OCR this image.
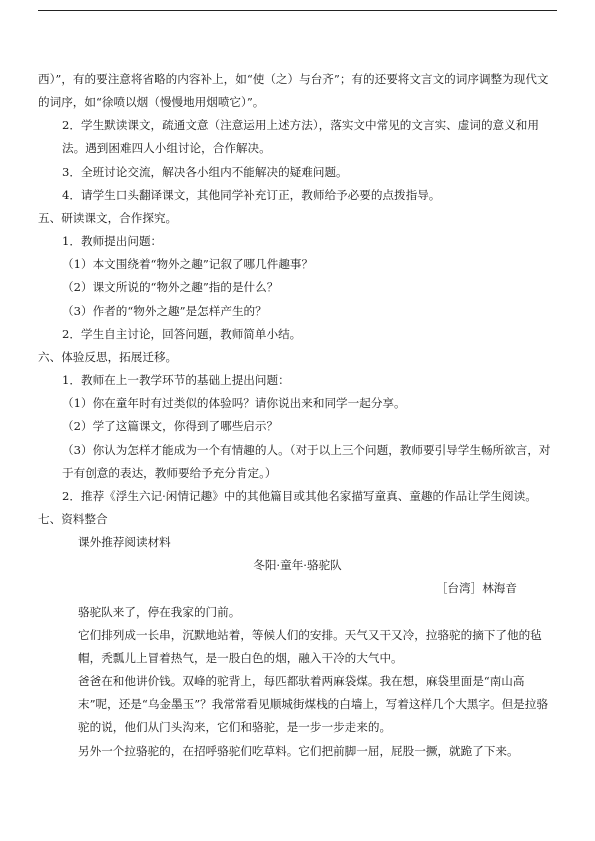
西）”，有的要注意将省略的内容补上，如“使（之）与台齐”；有的还要将文言文的词序调整为现代文的词序，如“徐喷以烟（慢慢地用烟喷它）”。

2．学生默读课文，疏通文意（注意运用上述方法），落实文中常见的文言实、虚词的意义和用法。遇到困难四人小组讨论，合作解决。

3．全班讨论交流，解决各小组内不能解决的疑难问题。

4．请学生口头翻译课文，其他同学补充订正，教师给予必要的点拨指导。

五、研读课文，合作探究。

1．教师提出问题：

（1）本文围绕着“物外之趣”记叙了哪几件趣事？

（2）课文所说的“物外之趣”指的是什么？

（3）作者的“物外之趣”是怎样产生的？

2．学生自主讨论，回答问题，教师简单小结。

六、体验反思，拓展迁移。

1．教师在上一教学环节的基础上提出问题：

（1）你在童年时有过类似的体验吗？请你说出来和同学一起分享。

（2）学了这篇课文，你得到了哪些启示？

（3）你认为怎样才能成为一个有情趣的人。（对于以上三个问题，教师要引导学生畅所欲言，对于有创意的表达，教师要给予充分肯定。）

2．推荐《浮生六记·闲情记趣》中的其他篇目或其他名家描写童真、童趣的作品让学生阅读。

七、资料整合

课外推荐阅读材料

冬阳·童年·骆驼队

［台湾］林海音

骆驼队来了，停在我家的门前。

它们排列成一长串，沉默地站着，等候人们的安排。天气又干又冷，拉骆驼的摘下了他的毡帽，秃瓢儿上冒着热气，是一股白色的烟，融入干冷的大气中。

爸爸在和他讲价钱。双峰的驼背上，每匹都驮着两麻袋煤。我在想，麻袋里面是“南山高末”呢，还是“乌金墨玉”？我常常看见顺城街煤栈的白墙上，写着这样几个大黑字。但是拉骆驼的说，他们从门头沟来，它们和骆驼，是一步一步走来的。

另外一个拉骆驼的，在招呼骆驼们吃草料。它们把前脚一屈，屁股一撅，就跪了下来。
